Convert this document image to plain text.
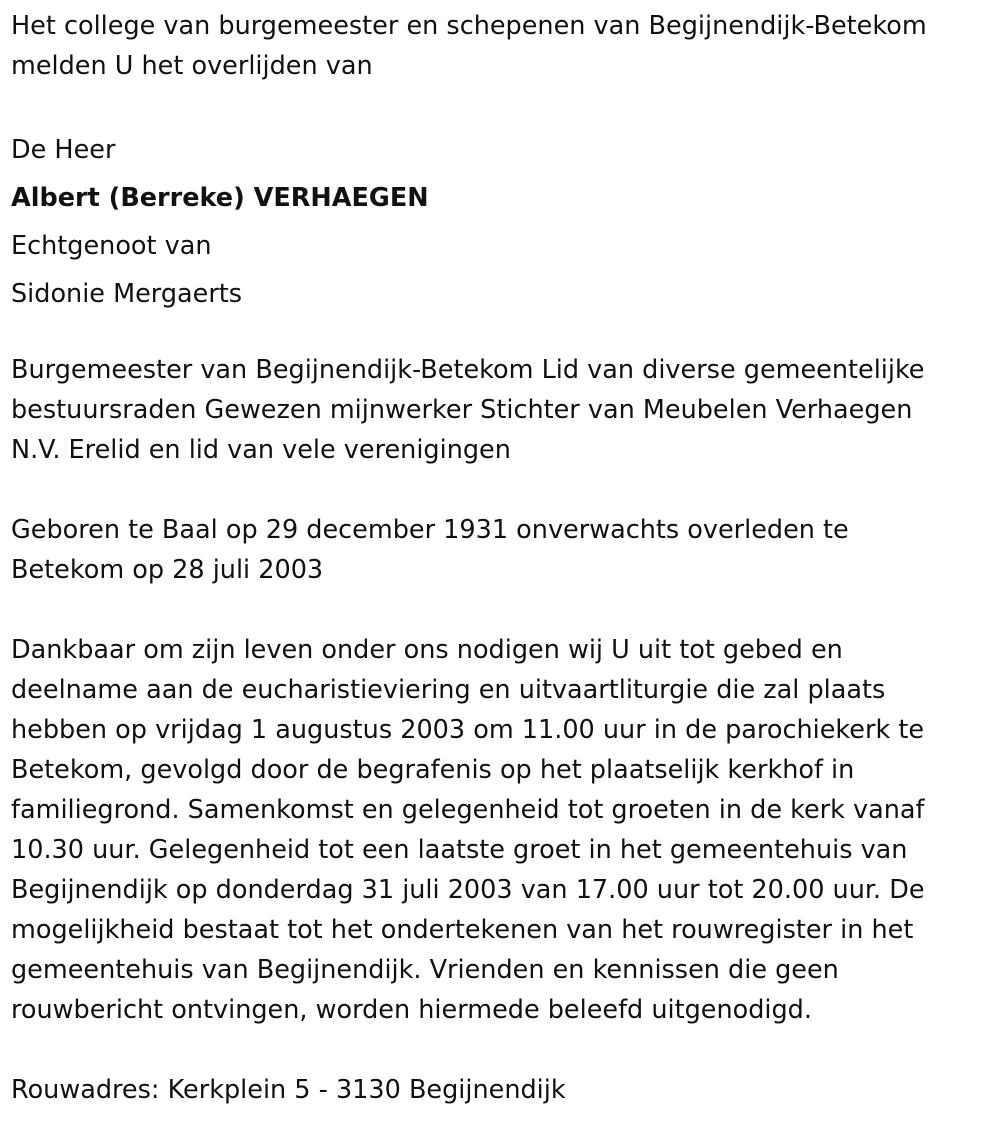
Het college van burgemeester en schepenen van Begijnendijk-Betekom
melden U het overlijden van
De Heer
Albert (Berreke) VERHAEGEN
Echtgenoot van
Sidonie Mergaerts
Burgemeester van Begijnendijk-Betekom Lid van diverse gemeentelijke
bestuursraden Gewezen mijnwerker Stichter van Meubelen Verhaegen
N.V. Erelid en lid van vele verenigingen
Geboren te Baal op 29 december 1931 onverwachts overleden te
Betekom op 28 juli 2003
Dankbaar om zijn leven onder ons nodigen wij U uit tot gebed en
deelname aan de eucharistieviering en uitvaartliturgie die zal plaats
hebben op vrijdag 1 augustus 2003 om 11.00 uur in de parochiekerk te
Betekom, gevolgd door de begrafenis op het plaatselijk kerkhof in
familiegrond. Samenkomst en gelegenheid tot groeten in de kerk vanaf
10.30 uur. Gelegenheid tot een laatste groet in het gemeentehuis van
Begijnendijk op donderdag 31 juli 2003 van 17.00 uur tot 20.00 uur. De
mogelijkheid bestaat tot het ondertekenen van het rouwregister in het
gemeentehuis van Begijnendijk. Vrienden en kennissen die geen
rouwbericht ontvingen, worden hiermede beleefd uitgenodigd.
Rouwadres: Kerkplein 5 - 3130 Begijnendijk
